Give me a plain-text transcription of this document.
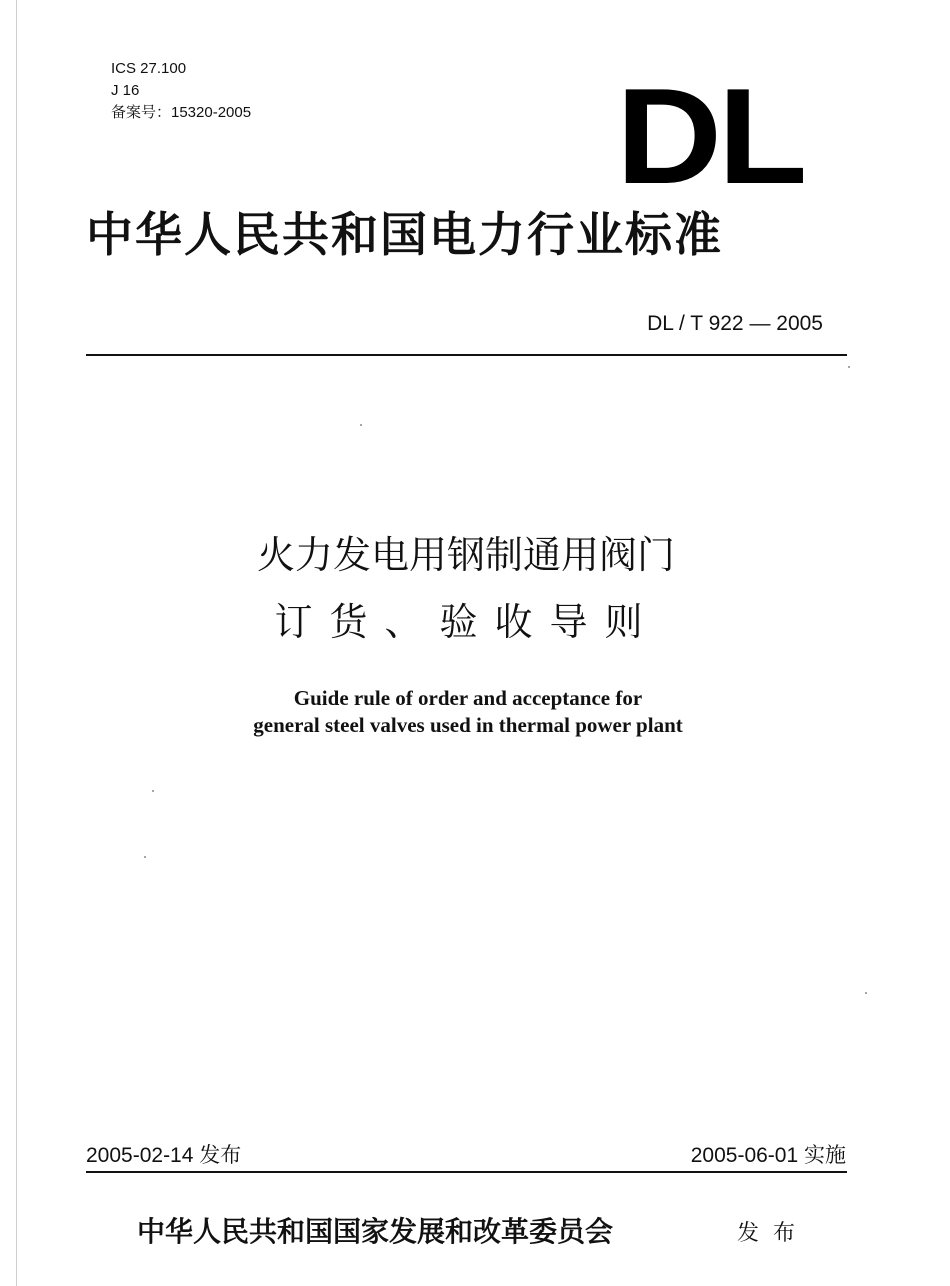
ICS 27.100
J 16
备案号：15320-2005	DL
中华人民共和国电力行业标准
DL / T 922 — 2005
火力发电用钢制通用阀门
订货、验收导则
Guide rule of order and acceptance for
general steel valves used in thermal power plant
2005-02-14 发布	2005-06-01 实施
中华人民共和国国家发展和改革委员会	发布
